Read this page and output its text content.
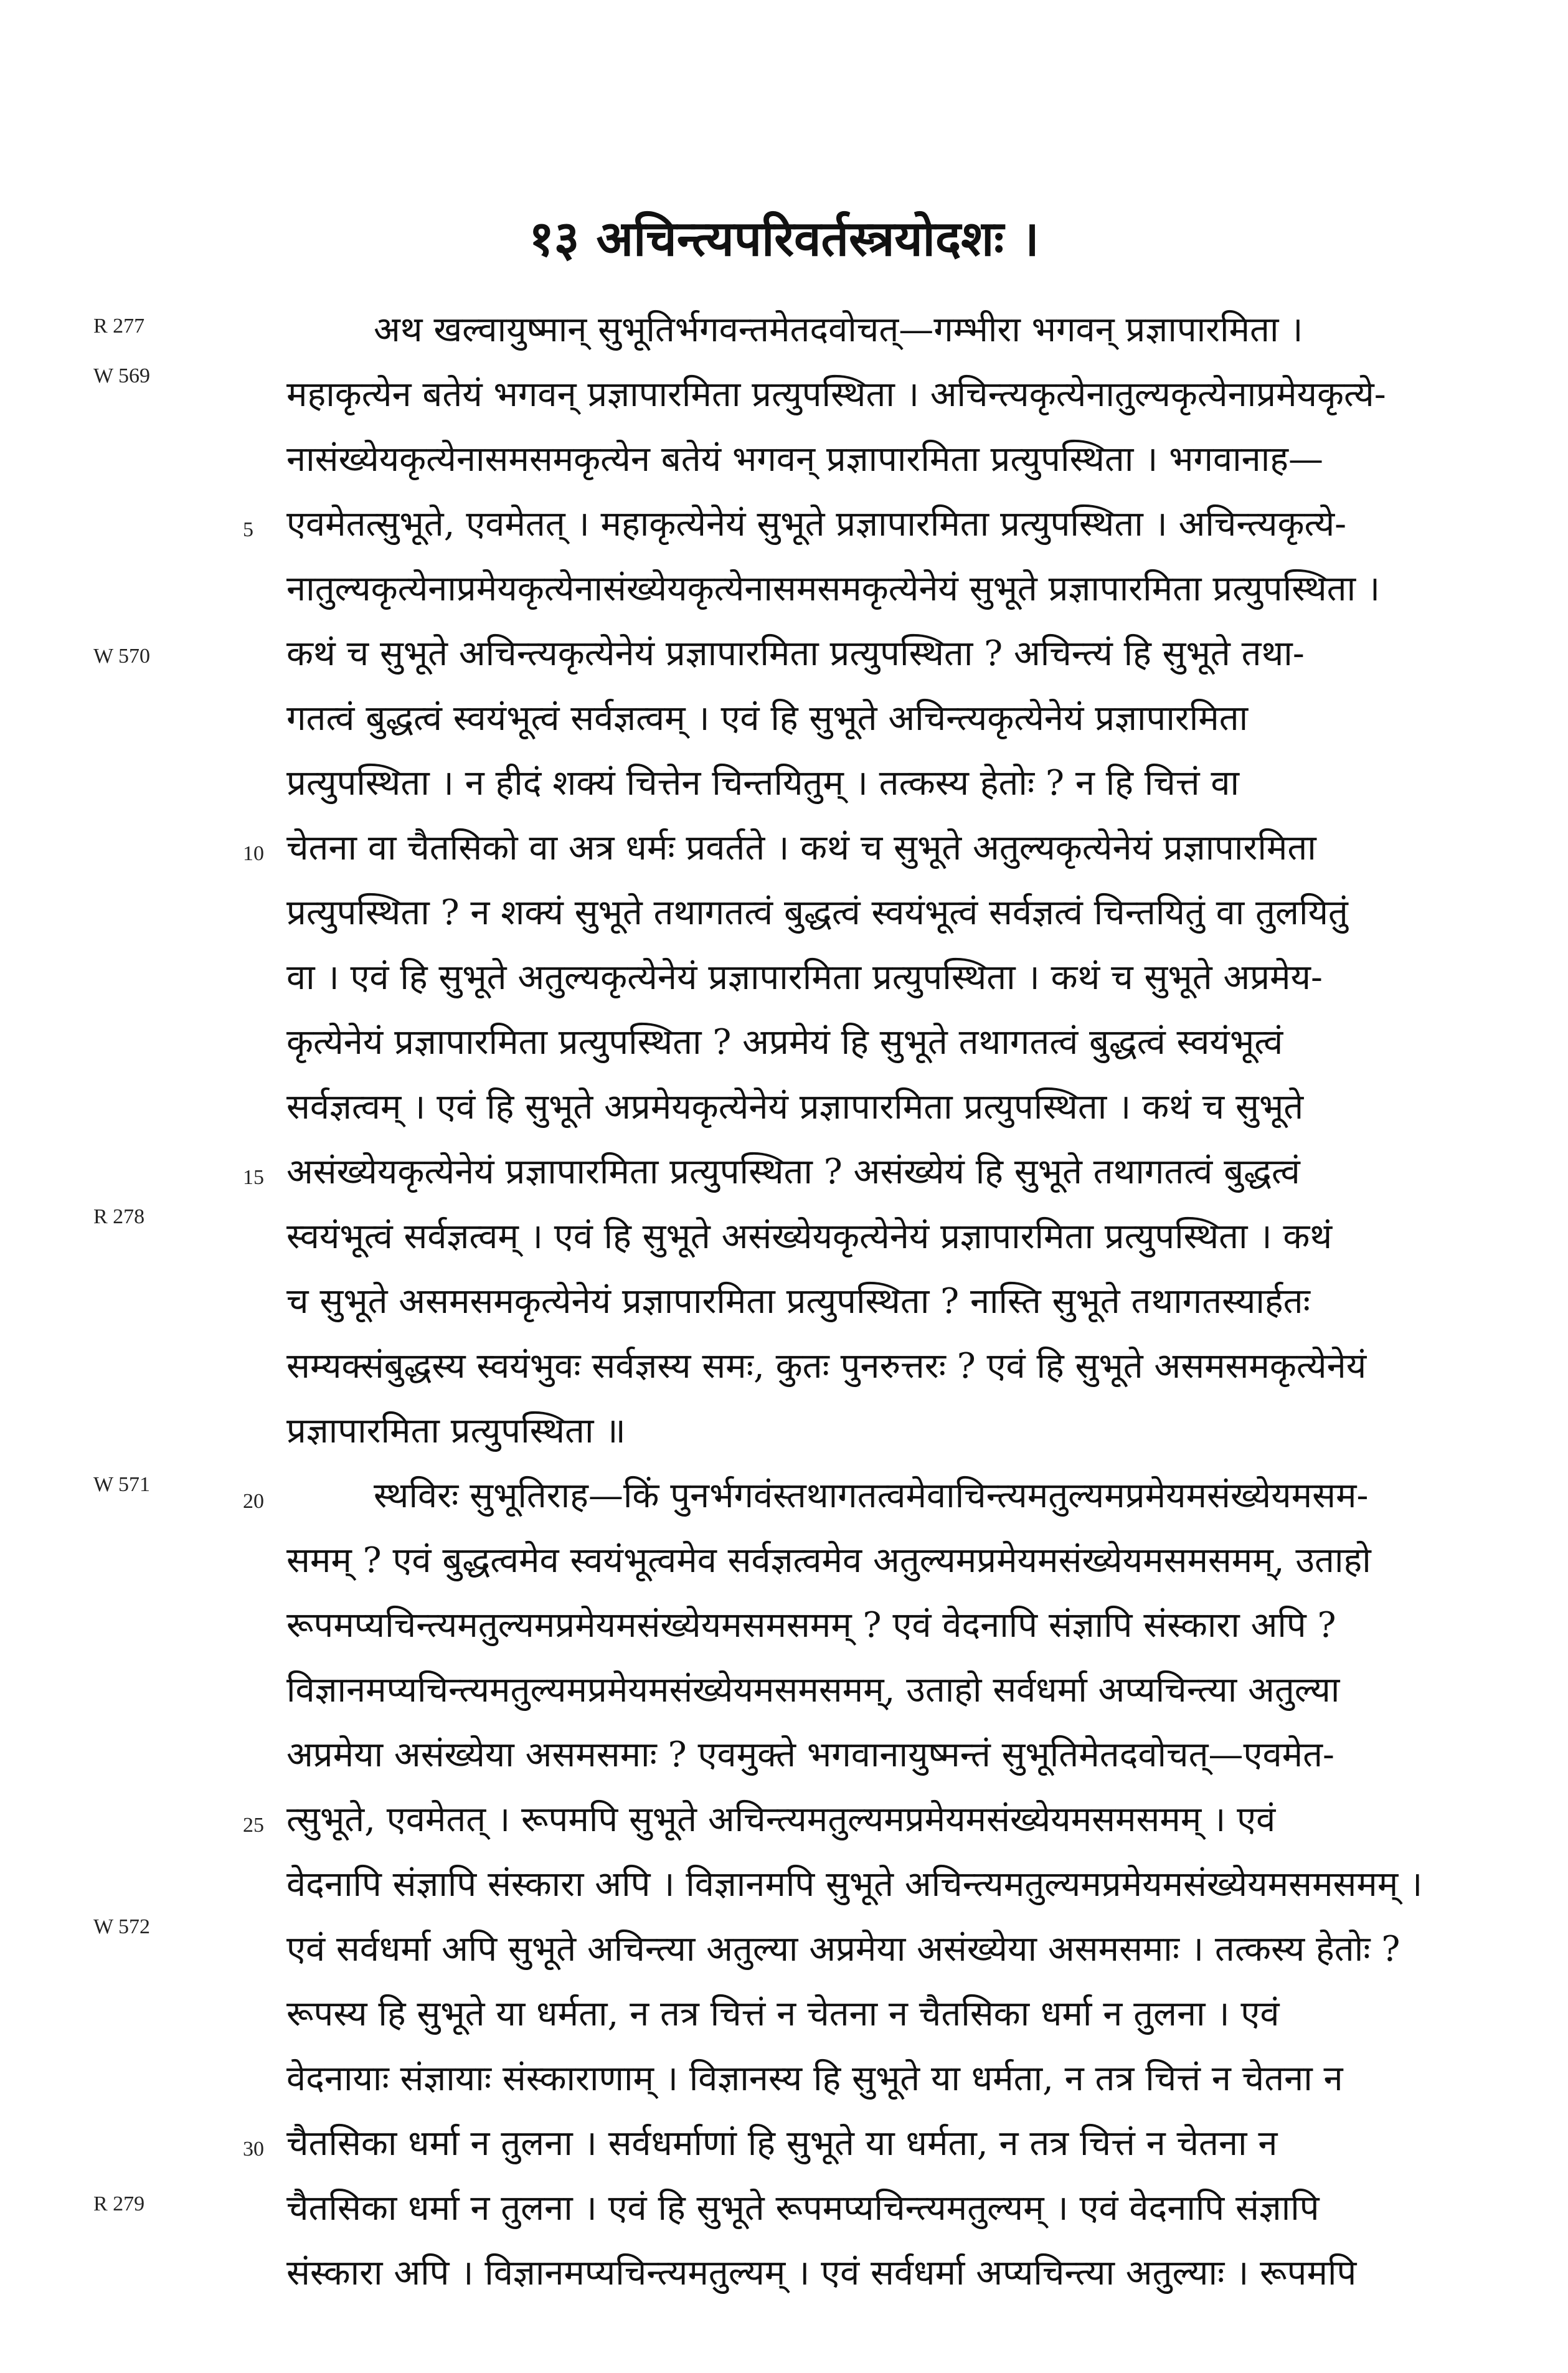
१३ अचिन्त्यपरिवर्तस्त्रयोदशः ।
R 277
W 569
W 570
R 278
W 571
W 572
R 279
5
10
15
20
25
30
अथ खल्वायुष्मान् सुभूतिर्भगवन्तमेतदवोचत्—गम्भीरा भगवन् प्रज्ञापारमिता ।
महाकृत्येन बतेयं भगवन् प्रज्ञापारमिता प्रत्युपस्थिता । अचिन्त्यकृत्येनातुल्यकृत्येनाप्रमेयकृत्ये-
नासंख्येयकृत्येनासमसमकृत्येन बतेयं भगवन् प्रज्ञापारमिता प्रत्युपस्थिता । भगवानाह—
एवमेतत्सुभूते, एवमेतत् । महाकृत्येनेयं सुभूते प्रज्ञापारमिता प्रत्युपस्थिता । अचिन्त्यकृत्ये-
नातुल्यकृत्येनाप्रमेयकृत्येनासंख्येयकृत्येनासमसमकृत्येनेयं सुभूते प्रज्ञापारमिता प्रत्युपस्थिता ।
कथं च सुभूते अचिन्त्यकृत्येनेयं प्रज्ञापारमिता प्रत्युपस्थिता ? अचिन्त्यं हि सुभूते तथा-
गतत्वं बुद्धत्वं स्वयंभूत्वं सर्वज्ञत्वम् । एवं हि सुभूते अचिन्त्यकृत्येनेयं प्रज्ञापारमिता
प्रत्युपस्थिता । न हीदं शक्यं चित्तेन चिन्तयितुम् । तत्कस्य हेतोः ? न हि चित्तं वा
चेतना वा चैतसिको वा अत्र धर्मः प्रवर्तते । कथं च सुभूते अतुल्यकृत्येनेयं प्रज्ञापारमिता
प्रत्युपस्थिता ? न शक्यं सुभूते तथागतत्वं बुद्धत्वं स्वयंभूत्वं सर्वज्ञत्वं चिन्तयितुं वा तुलयितुं
वा । एवं हि सुभूते अतुल्यकृत्येनेयं प्रज्ञापारमिता प्रत्युपस्थिता । कथं च सुभूते अप्रमेय-
कृत्येनेयं प्रज्ञापारमिता प्रत्युपस्थिता ? अप्रमेयं हि सुभूते तथागतत्वं बुद्धत्वं स्वयंभूत्वं
सर्वज्ञत्वम् । एवं हि सुभूते अप्रमेयकृत्येनेयं प्रज्ञापारमिता प्रत्युपस्थिता । कथं च सुभूते
असंख्येयकृत्येनेयं प्रज्ञापारमिता प्रत्युपस्थिता ? असंख्येयं हि सुभूते तथागतत्वं बुद्धत्वं
स्वयंभूत्वं सर्वज्ञत्वम् । एवं हि सुभूते असंख्येयकृत्येनेयं प्रज्ञापारमिता प्रत्युपस्थिता । कथं
च सुभूते असमसमकृत्येनेयं प्रज्ञापारमिता प्रत्युपस्थिता ? नास्ति सुभूते तथागतस्यार्हतः
सम्यक्संबुद्धस्य स्वयंभुवः सर्वज्ञस्य समः, कुतः पुनरुत्तरः ? एवं हि सुभूते असमसमकृत्येनेयं
प्रज्ञापारमिता प्रत्युपस्थिता ॥
स्थविरः सुभूतिराह—किं पुनर्भगवंस्तथागतत्वमेवाचिन्त्यमतुल्यमप्रमेयमसंख्येयमसम-
समम् ? एवं बुद्धत्वमेव स्वयंभूत्वमेव सर्वज्ञत्वमेव अतुल्यमप्रमेयमसंख्येयमसमसमम्, उताहो
रूपमप्यचिन्त्यमतुल्यमप्रमेयमसंख्येयमसमसमम् ? एवं वेदनापि संज्ञापि संस्कारा अपि ?
विज्ञानमप्यचिन्त्यमतुल्यमप्रमेयमसंख्येयमसमसमम्, उताहो सर्वधर्मा अप्यचिन्त्या अतुल्या
अप्रमेया असंख्येया असमसमाः ? एवमुक्ते भगवानायुष्मन्तं सुभूतिमेतदवोचत्—एवमेत-
त्सुभूते, एवमेतत् । रूपमपि सुभूते अचिन्त्यमतुल्यमप्रमेयमसंख्येयमसमसमम् । एवं
वेदनापि संज्ञापि संस्कारा अपि । विज्ञानमपि सुभूते अचिन्त्यमतुल्यमप्रमेयमसंख्येयमसमसमम् ।
एवं सर्वधर्मा अपि सुभूते अचिन्त्या अतुल्या अप्रमेया असंख्येया असमसमाः । तत्कस्य हेतोः ?
रूपस्य हि सुभूते या धर्मता, न तत्र चित्तं न चेतना न चैतसिका धर्मा न तुलना । एवं
वेदनायाः संज्ञायाः संस्काराणाम् । विज्ञानस्य हि सुभूते या धर्मता, न तत्र चित्तं न चेतना न
चैतसिका धर्मा न तुलना । सर्वधर्माणां हि सुभूते या धर्मता, न तत्र चित्तं न चेतना न
चैतसिका धर्मा न तुलना । एवं हि सुभूते रूपमप्यचिन्त्यमतुल्यम् । एवं वेदनापि संज्ञापि
संस्कारा अपि । विज्ञानमप्यचिन्त्यमतुल्यम् । एवं सर्वधर्मा अप्यचिन्त्या अतुल्याः । रूपमपि
